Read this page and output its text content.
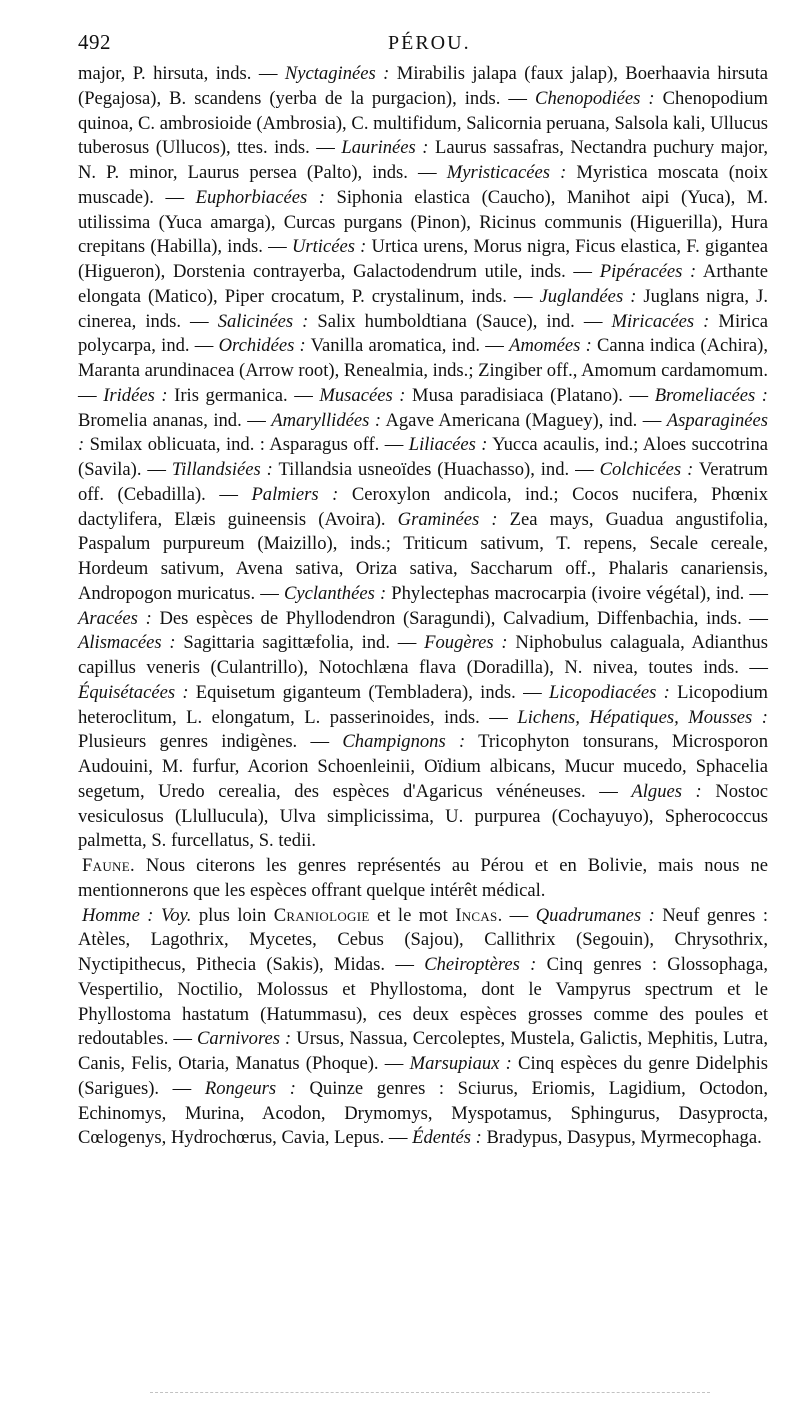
492	PÉROU.

major, P. hirsuta, inds. — Nyctaginées : Mirabilis jalapa (faux jalap), Boerhaavia hirsuta (Pegajosa), B. scandens (yerba de la purgacion), inds. — Chenopodiées : Chenopodium quinoa, C. ambrosioide (Ambrosia), C. multifidum, Salicornia peruana, Salsola kali, Ullucus tuberosus (Ullucos), ttes. inds. — Laurinées : Laurus sassafras, Nectandra puchury major, N. P. minor, Laurus persea (Palto), inds. — Myristicacées : Myristica moscata (noix muscade). — Euphorbiacées : Siphonia elastica (Caucho), Manihot aipi (Yuca), M. utilissima (Yuca amarga), Curcas purgans (Pinon), Ricinus communis (Higuerilla), Hura crepitans (Habilla), inds. — Urticées : Urtica urens, Morus nigra, Ficus elastica, F. gigantea (Higueron), Dorstenia contrayerba, Galactodendrum utile, inds. — Pipéracées : Arthante elongata (Matico), Piper crocatum, P. crystalinum, inds. — Juglandées : Juglans nigra, J. cinerea, inds. — Salicinées : Salix humboldtiana (Sauce), ind. — Miricacées : Mirica polycarpa, ind. — Orchidées : Vanilla aromatica, ind. — Amomées : Canna indica (Achira), Maranta arundinacea (Arrow root), Renealmia, inds.; Zingiber off., Amomum cardamomum. — Iridées : Iris germanica. — Musacées : Musa paradisiaca (Platano). — Bromeliacées : Bromelia ananas, ind. — Amaryllidées : Agave Americana (Maguey), ind. — Asparaginées : Smilax oblicuata, ind. : Asparagus off. — Liliacées : Yucca acaulis, ind.; Aloes succotrina (Savila). — Tillandsiées : Tillandsia usneoïdes (Huachasso), ind. — Colchicées : Veratrum off. (Cebadilla). — Palmiers : Ceroxylon andicola, ind.; Cocos nucifera, Phœnix dactylifera, Elæis guineensis (Avoira). Graminées : Zea mays, Guadua angustifolia, Paspalum purpureum (Maizillo), inds.; Triticum sativum, T. repens, Secale cereale, Hordeum sativum, Avena sativa, Oriza sativa, Saccharum off., Phalaris canariensis, Andropogon muricatus. — Cyclanthées : Phylectephas macrocarpia (ivoire végétal), ind. — Aracées : Des espèces de Phyllodendron (Saragundi), Calvadium, Diffenbachia, inds. — Alismacées : Sagittaria sagittæfolia, ind. — Fougères : Niphobulus calaguala, Adianthus capillus veneris (Culantrillo), Notochlæna flava (Doradilla), N. nivea, toutes inds. — Équisétacées : Equisetum giganteum (Tembladera), inds. — Licopodiacées : Licopodium heteroclitum, L. elongatum, L. passerinoides, inds. — Lichens, Hépatiques, Mousses : Plusieurs genres indigènes. — Champignons : Tricophyton tonsurans, Microsporon Audouini, M. furfur, Acorion Schoenleinii, Oïdium albicans, Mucur mucedo, Sphacelia segetum, Uredo cerealia, des espèces d'Agaricus vénéneuses. — Algues : Nostoc vesiculosus (Llullucula), Ulva simplicissima, U. purpurea (Cochayuyo), Spherococcus palmetta, S. furcellatus, S. tedii.

Faune. Nous citerons les genres représentés au Pérou et en Bolivie, mais nous ne mentionnerons que les espèces offrant quelque intérêt médical.

Homme : Voy. plus loin Craniologie et le mot Incas. — Quadrumanes : Neuf genres : Atèles, Lagothrix, Mycetes, Cebus (Sajou), Callithrix (Segouin), Chrysothrix, Nyctipithecus, Pithecia (Sakis), Midas. — Cheiroptères : Cinq genres : Glossophaga, Vespertilio, Noctilio, Molossus et Phyllostoma, dont le Vampyrus spectrum et le Phyllostoma hastatum (Hatummasu), ces deux espèces grosses comme des poules et redoutables. — Carnivores : Ursus, Nassua, Cercoleptes, Mustela, Galictis, Mephitis, Lutra, Canis, Felis, Otaria, Manatus (Phoque). — Marsupiaux : Cinq espèces du genre Didelphis (Sarigues). — Rongeurs : Quinze genres : Sciurus, Eriomis, Lagidium, Octodon, Echinomys, Murina, Acodon, Drymomys, Myspotamus, Sphingurus, Dasyprocta, Cœlogenys, Hydrochœrus, Cavia, Lepus. — Édentés : Bradypus, Dasypus, Myrmecophaga.
